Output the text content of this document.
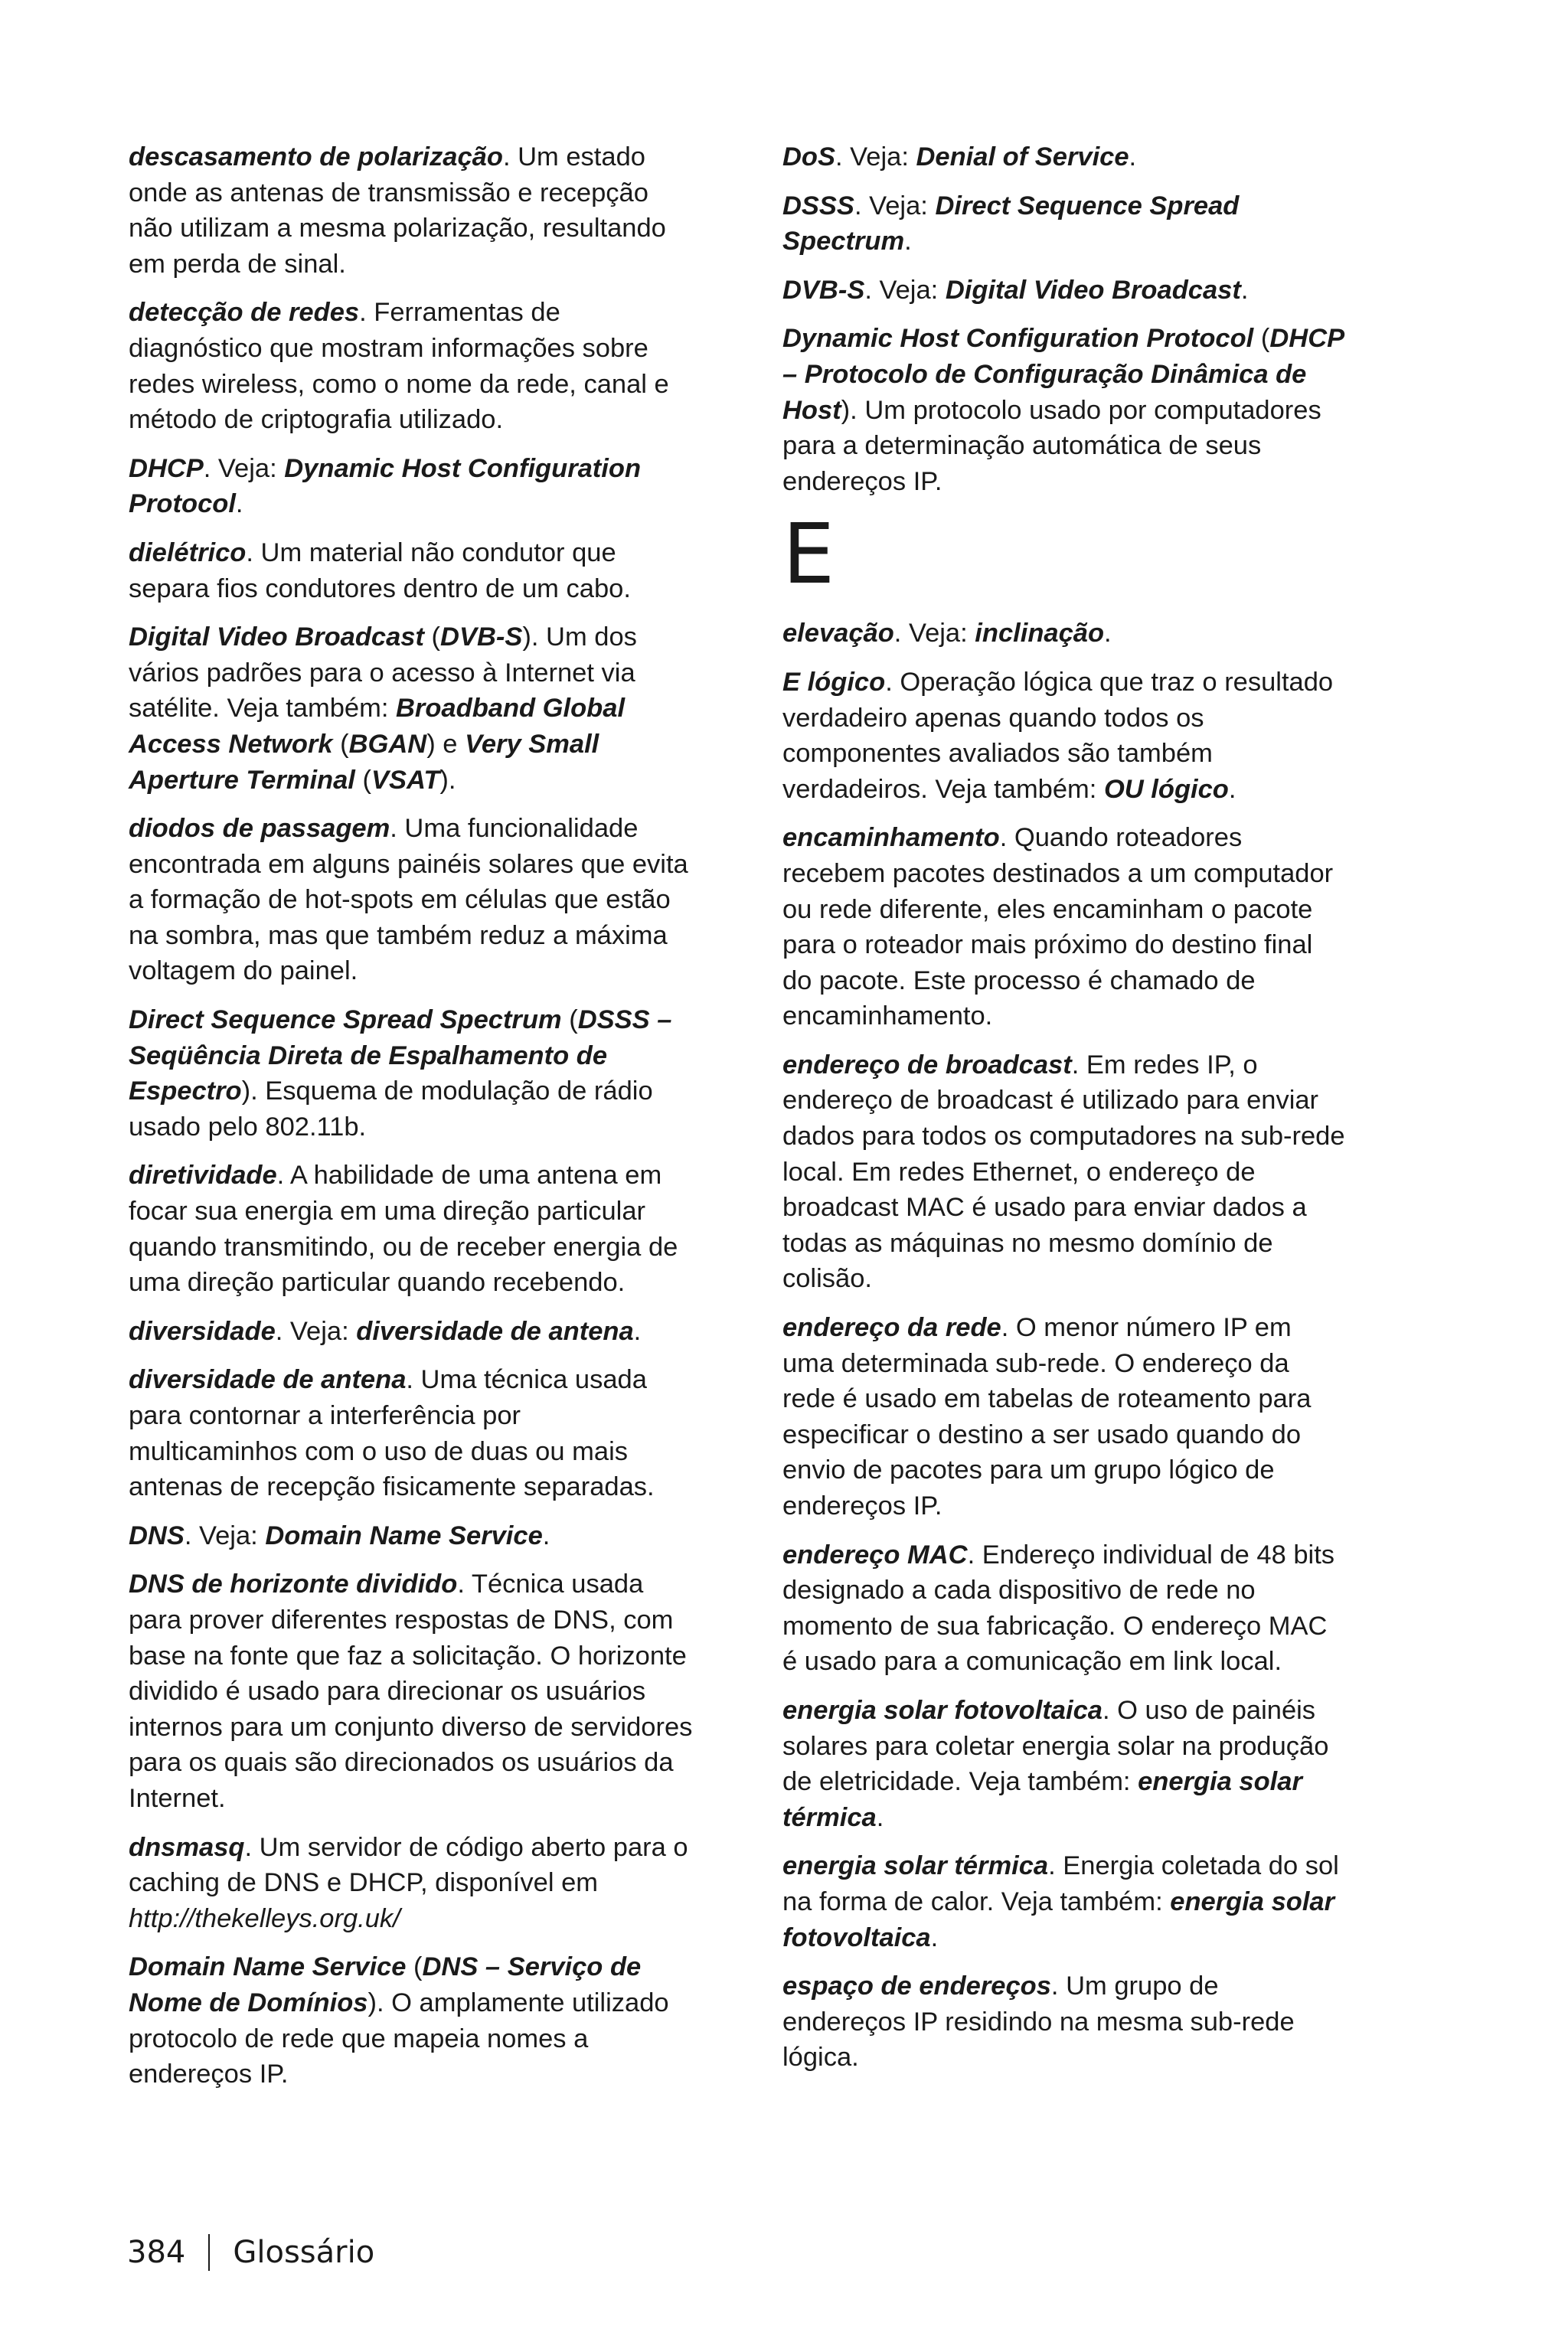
descasamento de polarização. Um estado onde as antenas de transmissão e recepção não utilizam a mesma polarização, resultando em perda de sinal.

detecção de redes. Ferramentas de diagnóstico que mostram informações sobre redes wireless, como o nome da rede, canal e método de criptografia utilizado.

DHCP. Veja: Dynamic Host Configuration Protocol.

dielétrico. Um material não condutor que separa fios condutores dentro de um cabo.

Digital Video Broadcast (DVB-S). Um dos vários padrões para o acesso à Internet via satélite. Veja também: Broadband Global Access Network (BGAN) e Very Small Aperture Terminal (VSAT).

diodos de passagem. Uma funcionalidade encontrada em alguns painéis solares que evita a formação de hot-spots em células que estão na sombra, mas que também reduz a máxima voltagem do painel.

Direct Sequence Spread Spectrum (DSSS – Seqüência Direta de Espalhamento de Espectro). Esquema de modulação de rádio usado pelo 802.11b.

diretividade. A habilidade de uma antena em focar sua energia em uma direção particular quando transmitindo, ou de receber energia de uma direção particular quando recebendo.

diversidade. Veja: diversidade de antena.

diversidade de antena. Uma técnica usada para contornar a interferência por multicaminhos com o uso de duas ou mais antenas de recepção fisicamente separadas.

DNS. Veja: Domain Name Service.

DNS de horizonte dividido. Técnica usada para prover diferentes respostas de DNS, com base na fonte que faz a solicitação. O horizonte dividido é usado para direcionar os usuários internos para um conjunto diverso de servidores para os quais são direcionados os usuários da Internet.

dnsmasq. Um servidor de código aberto para o caching de DNS e DHCP, disponível em http://thekelleys.org.uk/

Domain Name Service (DNS – Serviço de Nome de Domínios). O amplamente utilizado protocolo de rede que mapeia nomes a endereços IP.

DoS. Veja: Denial of Service.

DSSS. Veja: Direct Sequence Spread Spectrum.

DVB-S. Veja: Digital Video Broadcast.

Dynamic Host Configuration Protocol (DHCP – Protocolo de Configuração Dinâmica de Host). Um protocolo usado por computadores para a determinação automática de seus endereços IP.

E

elevação. Veja: inclinação.

E lógico. Operação lógica que traz o resultado verdadeiro apenas quando todos os componentes avaliados são também verdadeiros. Veja também: OU lógico.

encaminhamento. Quando roteadores recebem pacotes destinados a um computador ou rede diferente, eles encaminham o pacote para o roteador mais próximo do destino final do pacote. Este processo é chamado de encaminhamento.

endereço de broadcast. Em redes IP, o endereço de broadcast é utilizado para enviar dados para todos os computadores na sub-rede local. Em redes Ethernet, o endereço de broadcast MAC é usado para enviar dados a todas as máquinas no mesmo domínio de colisão.

endereço da rede. O menor número IP em uma determinada sub-rede. O endereço da rede é usado em tabelas de roteamento para especificar o destino a ser usado quando do envio de pacotes para um grupo lógico de endereços IP.

endereço MAC. Endereço individual de 48 bits designado a cada dispositivo de rede no momento de sua fabricação. O endereço MAC é usado para a comunicação em link local.

energia solar fotovoltaica. O uso de painéis solares para coletar energia solar na produção de eletricidade. Veja também: energia solar térmica.

energia solar térmica. Energia coletada do sol na forma de calor. Veja também: energia solar fotovoltaica.

espaço de endereços. Um grupo de endereços IP residindo na mesma sub-rede lógica.

384 Glossário
